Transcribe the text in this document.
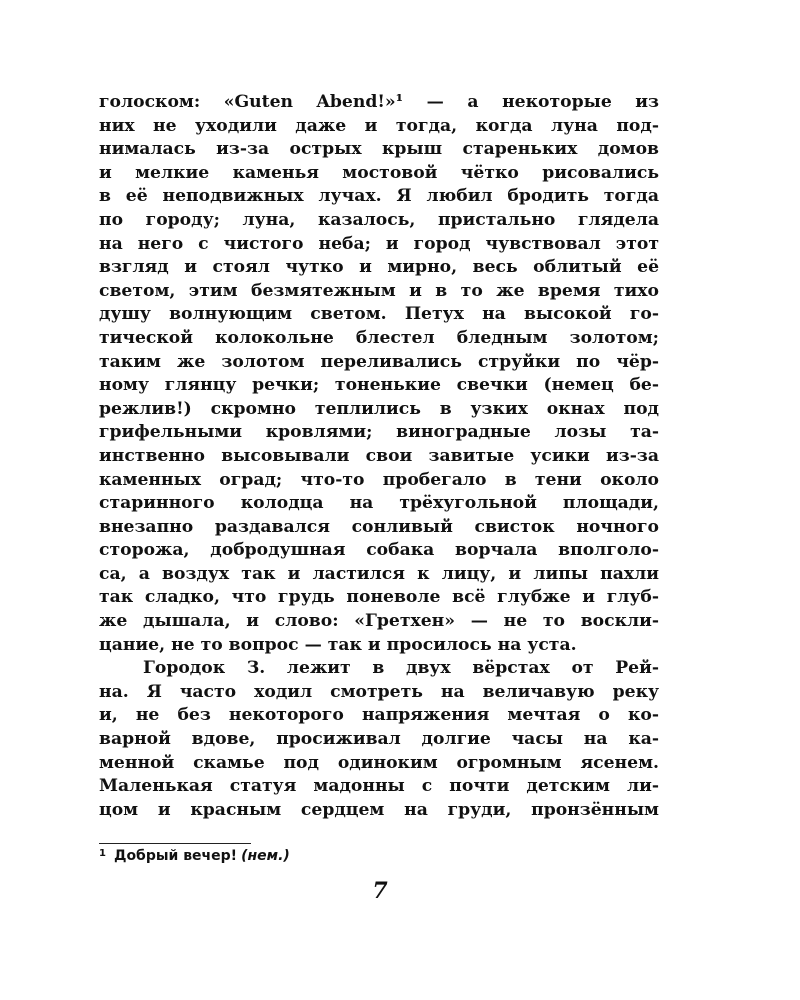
голоском: «Guten Abend!»¹ — а некоторые из
них не уходили даже и тогда, когда луна под-
нималась из-за острых крыш стареньких домов
и мелкие каменья мостовой чётко рисовались
в её неподвижных лучах. Я любил бродить тогда
по городу; луна, казалось, пристально глядела
на него с чистого неба; и город чувствовал этот
взгляд и стоял чутко и мирно, весь облитый её
светом, этим безмятежным и в то же время тихо
душу волнующим светом. Петух на высокой го-
тической колокольне блестел бледным золотом;
таким же золотом переливались струйки по чёр-
ному глянцу речки; тоненькие свечки (немец бе-
режлив!) скромно теплились в узких окнах под
грифельными кровлями; виноградные лозы та-
инственно высовывали свои завитые усики из-за
каменных оград; что-то пробегало в тени около
старинного колодца на трёхугольной площади,
внезапно раздавался сонливый свисток ночного
сторожа, добродушная собака ворчала вполголо-
са, а воздух так и ластился к лицу, и липы пахли
так сладко, что грудь поневоле всё глубже и глуб-
же дышала, и слово: «Гретхен» — не то воскли-
цание, не то вопрос — так и просилось на уста.
Городок З. лежит в двух вёрстах от Рей-
на. Я часто ходил смотреть на величавую реку
и, не без некоторого напряжения мечтая о ко-
варной вдове, просиживал долгие часы на ка-
менной скамье под одиноким огромным ясенем.
Маленькая статуя мадонны с почти детским ли-
цом и красным сердцем на груди, пронзённым
$^1$ Добрый вечер! (нем.)
7
